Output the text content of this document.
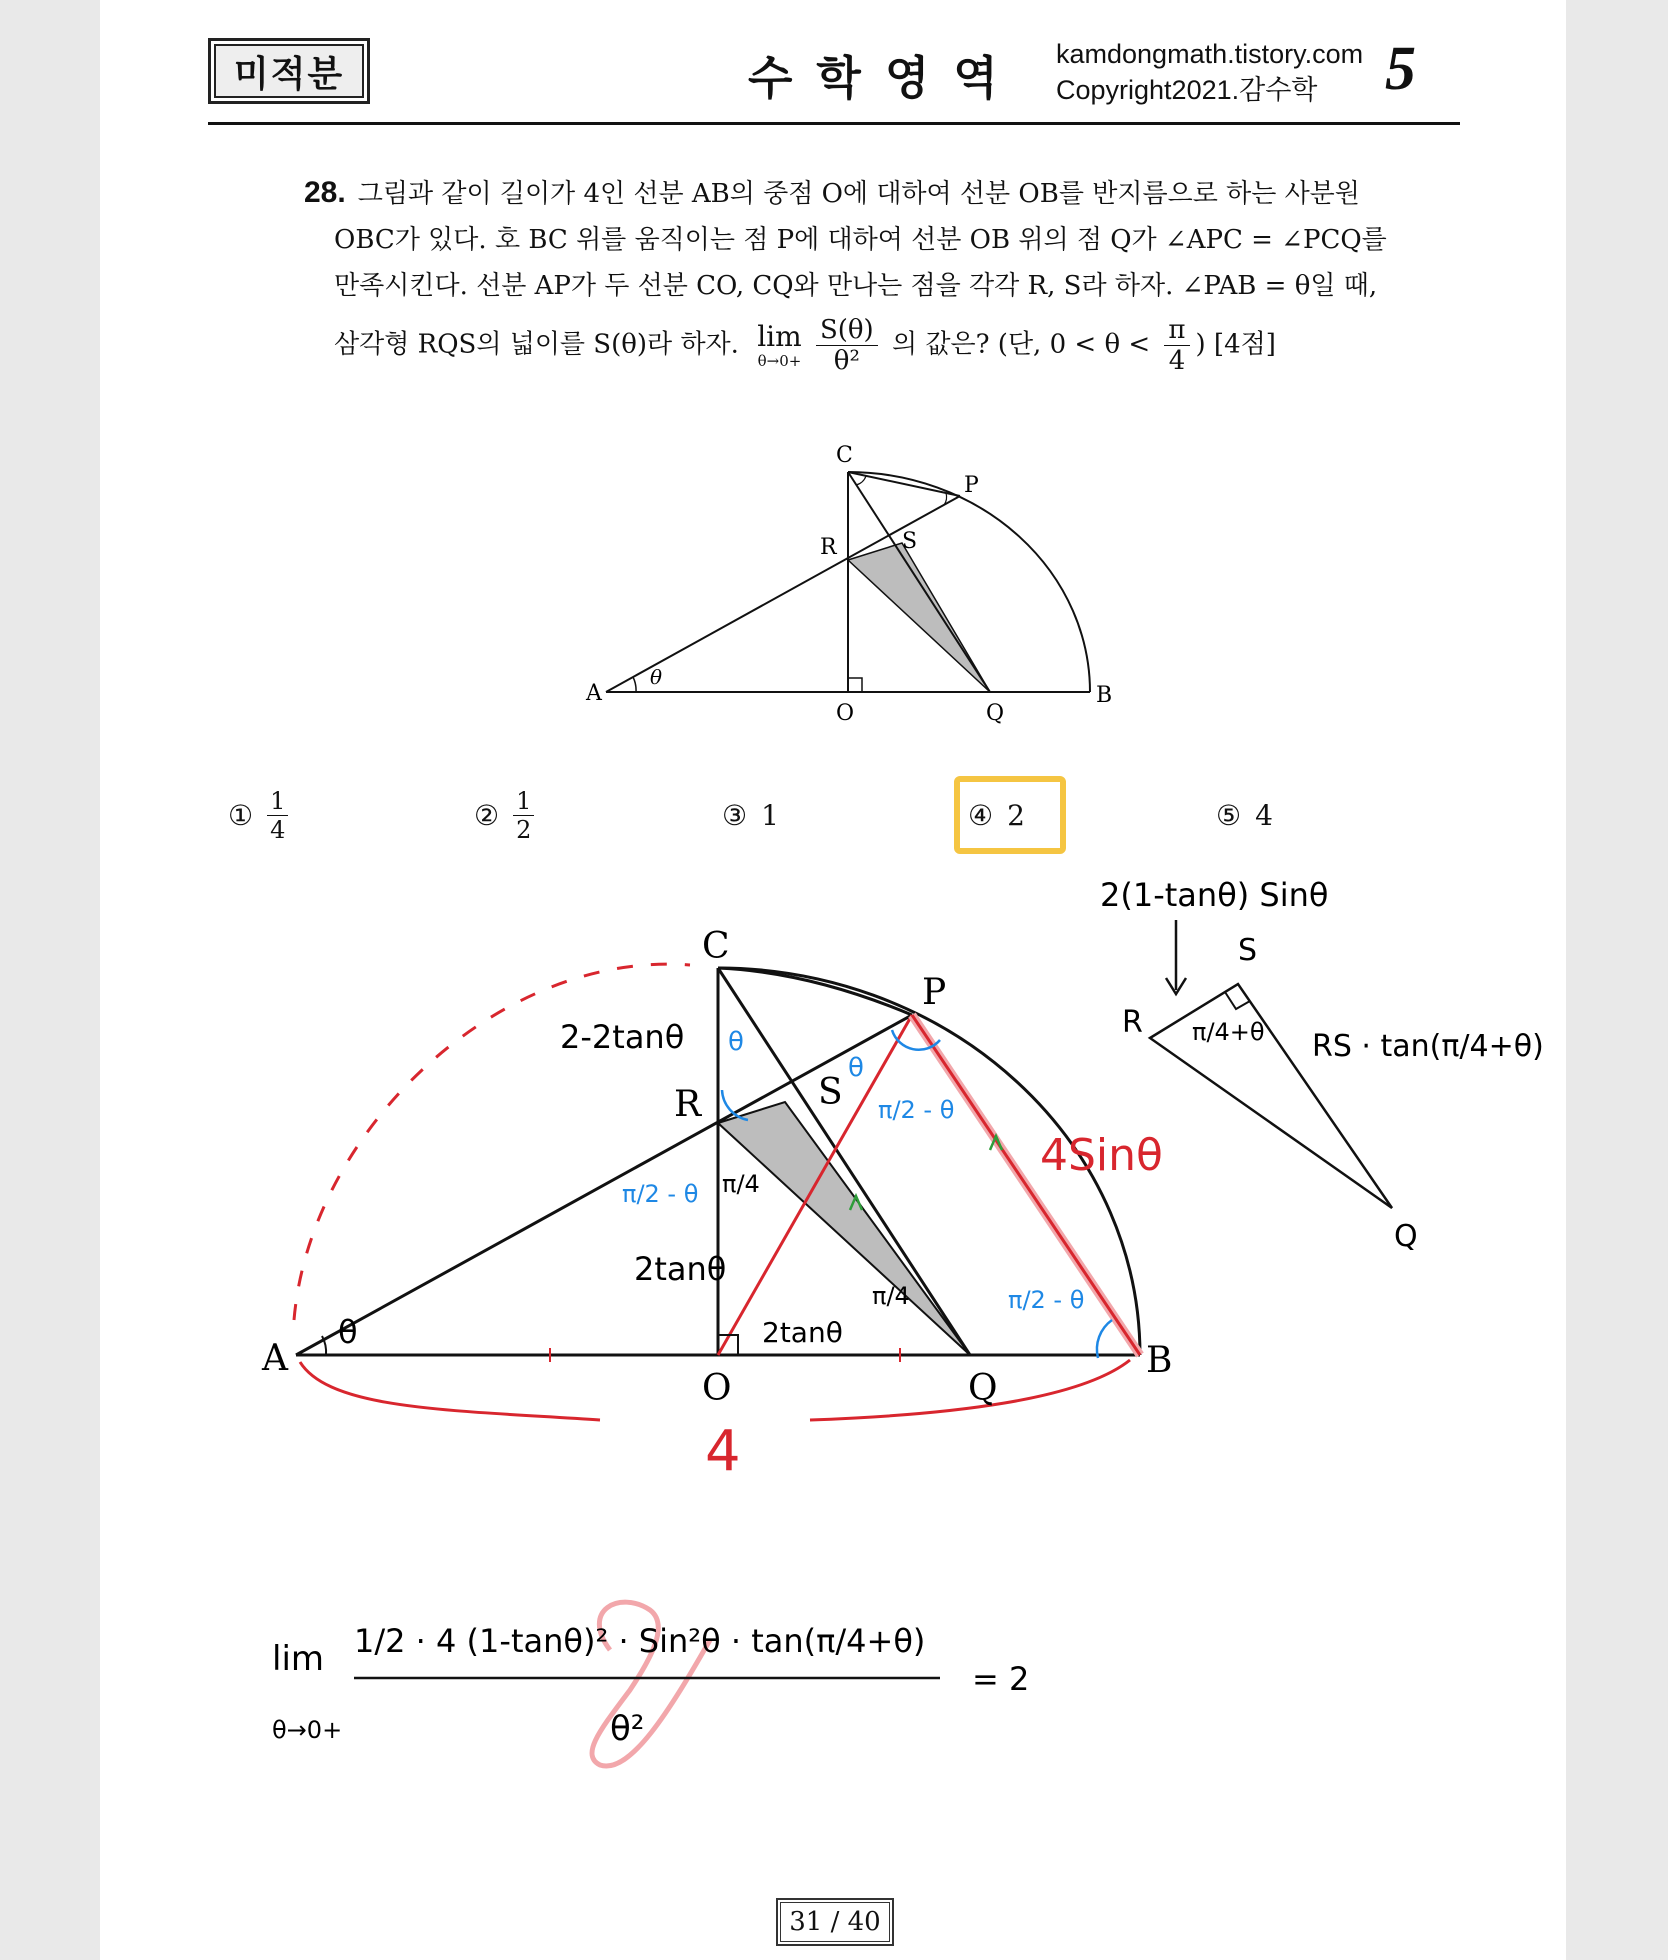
미적분	수학영역 kamdongmath.tistory.com
Copyright2021.감수학	5

28. 그림과 같이 길이가 4인 선분 AB의 중점 O에 대하여 선분 OB를 반지름으로 하는 사분원

OBC가 있다. 호 BC 위를 움직이는 점 P에 대하여 선분 OB 위의 점 Q가 ∠APC = ∠PCQ를

만족시킨다. 선분 AP가 두 선분 CO, CQ와 만나는 점을 각각 R, S라 하자. ∠PAB = θ일 때,

삼각형 RQS의 넓이를 S(θ)라 하자. lim
θ→0+
$\frac{S(\theta)}{\text{θ²}}$ 의 값은? (단, $0 < \theta < \frac{\pi}{4}$ ) [4점]

A	B
C
O
P
Q
R	S
θ
① 1
4	② 1
2	③ 1	④ 2	⑤ 4
4
θ
A	B
C
O
P
Q
R	S
2-2tanθ
2tanθ
2tanθ
4Sinθ
θ
θ
π/2 - θ
π/2 - θ
π/2 - θ
π/4
π/4
2(1-tanθ) Sinθ
R
S
Q
π/4+θ RS · tan(π/4+θ)
lim
θ→0+
1/2 · 4 (1-tanθ)² · Sin²θ · tan(π/4+θ)
θ²
= 2
31 / 40
